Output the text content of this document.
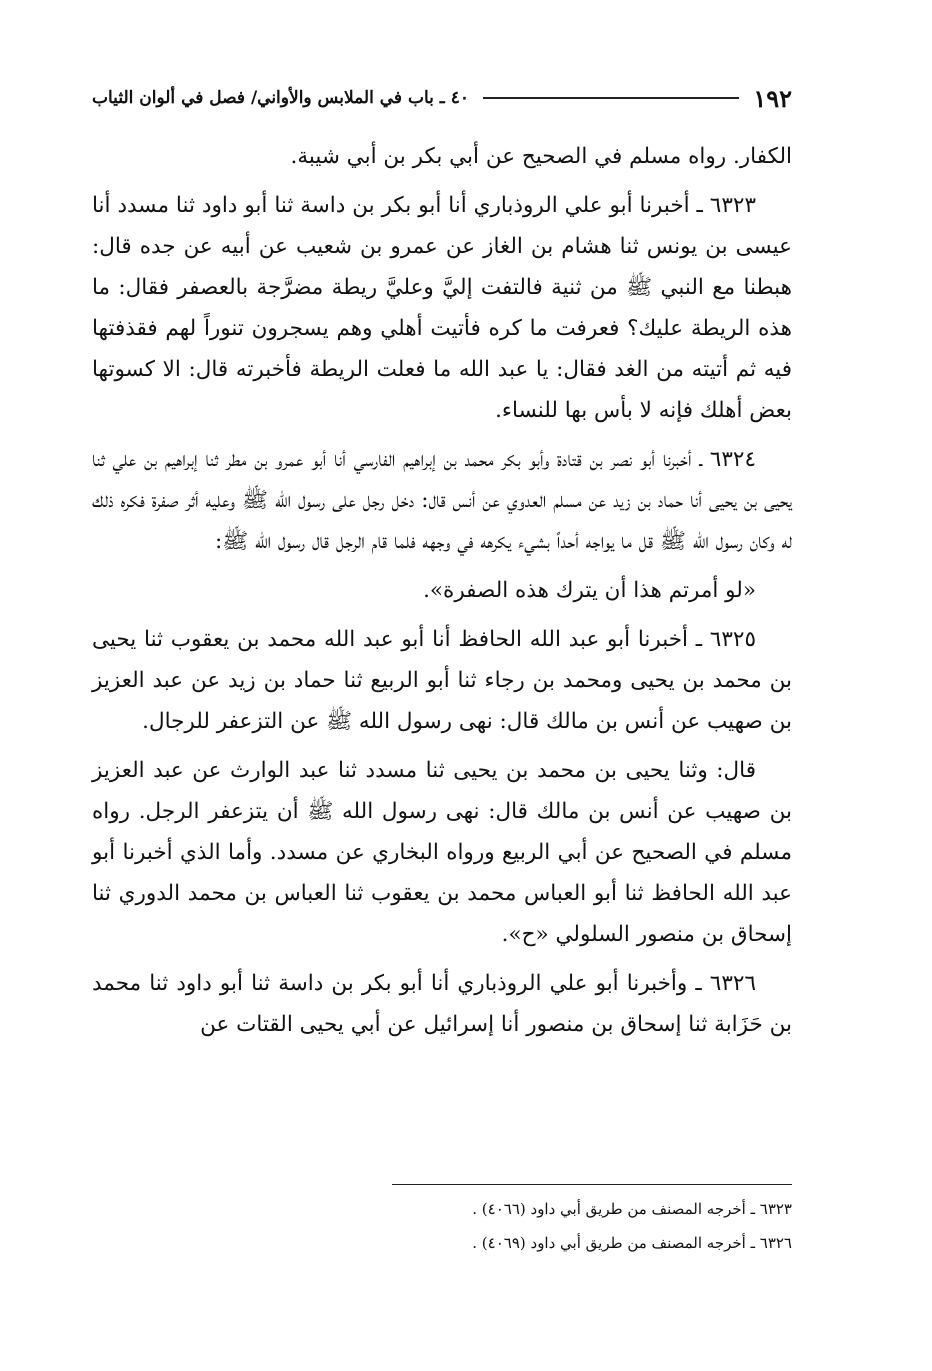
١٩٢
٤٠ ـ باب في الملابس والأواني/ فصل في ألوان الثياب

الكفار. رواه مسلم في الصحيح عن أبي بكر بن أبي شيبة.

٦٣٢٣ ـ أخبرنا أبو علي الروذباري أنا أبو بكر بن داسة ثنا أبو داود ثنا مسدد أنا عيسى بن يونس ثنا هشام بن الغاز عن عمرو بن شعيب عن أبيه عن جده قال: هبطنا مع النبي ﷺ من ثنية فالتفت إليَّ وعليَّ ريطة مضرَّجة بالعصفر فقال: ما هذه الريطة عليك؟ فعرفت ما كره فأتيت أهلي وهم يسجرون تنوراً لهم فقذفتها فيه ثم أتيته من الغد فقال: يا عبد الله ما فعلت الريطة فأخبرته قال: الا كسوتها بعض أهلك فإنه لا بأس بها للنساء.

٦٣٢٤ ـ أخبرنا أبو نصر بن قتادة وأبو بكر محمد بن إبراهيم الفارسي أنا أبو عمرو بن مطر ثنا إبراهيم بن علي ثنا يحيى بن يحيى أنا حماد بن زيد عن مسلم العدوي عن أنس قال: دخل رجل على رسول الله ﷺ وعليه أثر صفرة فكره ذلك له وكان رسول الله ﷺ قل ما يواجه أحداً بشيء يكرهه في وجهه فلما قام الرجل قال رسول الله ﷺ:

«لو أمرتم هذا أن يترك هذه الصفرة».

٦٣٢٥ ـ أخبرنا أبو عبد الله الحافظ أنا أبو عبد الله محمد بن يعقوب ثنا يحيى بن محمد بن يحيى ومحمد بن رجاء ثنا أبو الربيع ثنا حماد بن زيد عن عبد العزيز بن صهيب عن أنس بن مالك قال: نهى رسول الله ﷺ عن التزعفر للرجال.

قال: وثنا يحيى بن محمد بن يحيى ثنا مسدد ثنا عبد الوارث عن عبد العزيز بن صهيب عن أنس بن مالك قال: نهى رسول الله ﷺ أن يتزعفر الرجل. رواه مسلم في الصحيح عن أبي الربيع ورواه البخاري عن مسدد. وأما الذي أخبرنا أبو عبد الله الحافظ ثنا أبو العباس محمد بن يعقوب ثنا العباس بن محمد الدوري ثنا إسحاق بن منصور السلولي «ح».

٦٣٢٦ ـ وأخبرنا أبو علي الروذباري أنا أبو بكر بن داسة ثنا أبو داود ثنا محمد بن حَزَابة ثنا إسحاق بن منصور أنا إسرائيل عن أبي يحيى القتات عن

٦٣٢٣ ـ أخرجه المصنف من طريق أبي داود (٤٠٦٦) .

٦٣٢٦ ـ أخرجه المصنف من طريق أبي داود (٤٠٦٩) .
